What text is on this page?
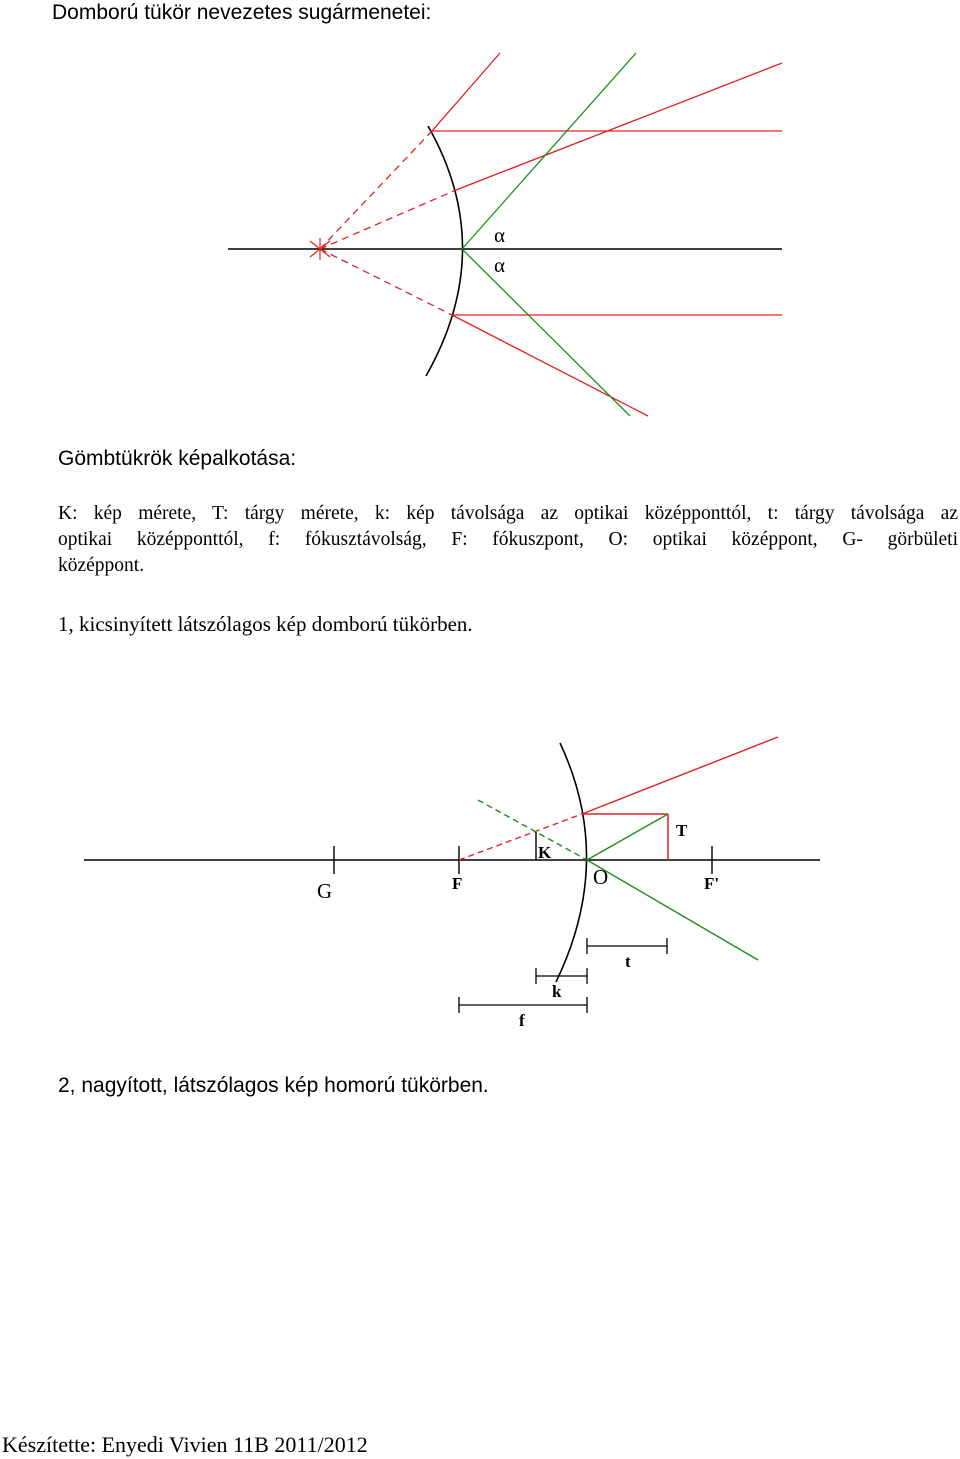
Domború tükör nevezetes sugármenetei:
α
α
G	F
K
O
T
F'
t
k
f
Gömbtükrök képalkotása:
K: kép mérete, T: tárgy mérete, k: kép távolsága az optikai középponttól, t: tárgy távolsága az
optikai középponttól, f: fókusztávolság, F: fókuszpont, O: optikai középpont, G- görbületi
középpont.
1, kicsinyített látszólagos kép domború tükörben.
2, nagyított, látszólagos kép homorú tükörben.
Készítette: Enyedi Vivien 11B 2011/2012
